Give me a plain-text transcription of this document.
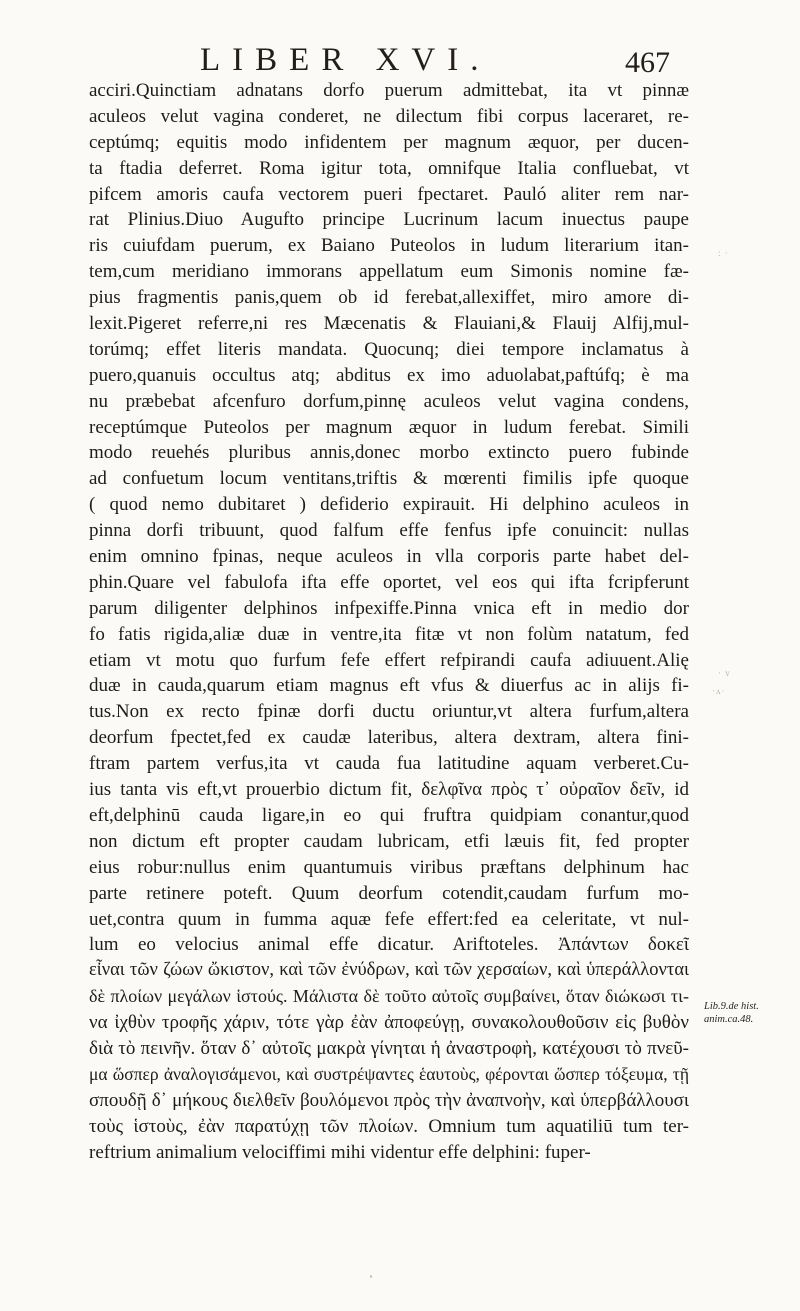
LIBER XVI.	467
acciri.Quinctiam adnatans dorfo puerum admittebat, ita vt pinnæ
aculeos velut vagina conderet, ne dilectum fibi corpus laceraret, re-
ceptúmq; equitis modo infidentem per magnum æquor, per ducen-
ta ftadia deferret. Roma igitur tota, omnifque Italia confluebat, vt
pifcem amoris caufa vectorem pueri fpectaret. Pauló aliter rem nar-
rat Plinius.Diuo Augufto principe Lucrinum lacum inuectus paupe
ris cuiufdam puerum, ex Baiano Puteolos in ludum literarium itan-
tem,cum meridiano immorans appellatum eum Simonis nomine fæ-
pius fragmentis panis,quem ob id ferebat,allexiffet, miro amore di-
lexit.Pigeret referre,ni res Mæcenatis & Flauiani,& Flauij Alfij,mul-
torúmq; effet literis mandata. Quocunq; diei tempore inclamatus à
puero,quanuis occultus atq; abditus ex imo aduolabat,paftúfq; è ma
nu præbebat afcenfuro dorfum,pinnę aculeos velut vagina condens,
receptúmque Puteolos per magnum æquor in ludum ferebat. Simili
modo reuehés pluribus annis,donec morbo extincto puero fubinde
ad confuetum locum ventitans,triftis & mœrenti fimilis ipfe quoque
( quod nemo dubitaret ) defiderio expirauit. Hi delphino aculeos in
pinna dorfi tribuunt, quod falfum effe fenfus ipfe conuincit: nullas
enim omnino fpinas, neque aculeos in vlla corporis parte habet del-
phin.Quare vel fabulofa ifta effe oportet, vel eos qui ifta fcripferunt
parum diligenter delphinos infpexiffe.Pinna vnica eft in medio dor
fo fatis rigida,aliæ duæ in ventre,ita fitæ vt non folùm natatum, fed
etiam vt motu quo furfum fefe effert refpirandi caufa adiuuent.Alię
duæ in cauda,quarum etiam magnus eft vfus & diuerfus ac in alijs fi-
tus.Non ex recto fpinæ dorfi ductu oriuntur,vt altera furfum,altera
deorfum fpectet,fed ex caudæ lateribus, altera dextram, altera fini-
ftram partem verfus,ita vt cauda fua latitudine aquam verberet.Cu-
ius tanta vis eft,vt prouerbio dictum fit, δελφῖνα πρὸς τ᾽ οὐραῖον δεῖν, id
eft,delphinū cauda ligare,in eo qui fruftra quidpiam conantur,quod
non dictum eft propter caudam lubricam, etfi læuis fit, fed propter
eius robur:nullus enim quantumuis viribus præftans delphinum hac
parte retinere poteft. Quum deorfum cotendit,caudam furfum mo-
uet,contra quum in fumma aquæ fefe effert:fed ea celeritate, vt nul-
lum eo velocius animal effe dicatur. Ariftoteles. Ἀπάντων δοκεῖ
εἶναι τῶν ζώων ὤκιστον, καὶ τῶν ἐνύδρων, καὶ τῶν χερσαίων, καὶ ὑπεράλλονται
δὲ πλοίων μεγάλων ἱστούς. Μάλιστα δὲ τοῦτο αὐτοῖς συμβαίνει, ὅταν διώκωσι τι-
να ἰχθὺν τροφῆς χάριν, τότε γὰρ ἐὰν ἀποφεύγῃ, συνακολουθοῦσιν εἰς βυθὸν
διὰ τὸ πεινῆν. ὅταν δ᾽ αὐτοῖς μακρὰ γίνηται ἡ ἀναστροφὴ, κατέχουσι τὸ πνεῦ-
μα ὥσπερ ἀναλογισάμενοι, καὶ συστρέψαντες ἑαυτοὺς, φέρονται ὥσπερ τόξευμα, τῇ
σπουδῇ δ᾽ μήκους διελθεῖν βουλόμενοι πρὸς τὴν ἀναπνοὴν, καὶ ὑπερβάλλουσι
τοὺς ἱστοὺς, ἐὰν παρατύχῃ τῶν πλοίων. Omnium tum aquatiliū tum ter-
reftrium animalium velociffimi mihi videntur effe delphini: fuper-
Lib.9.de hist. anim.ca.48.
: ·
· v
·ʌ·
